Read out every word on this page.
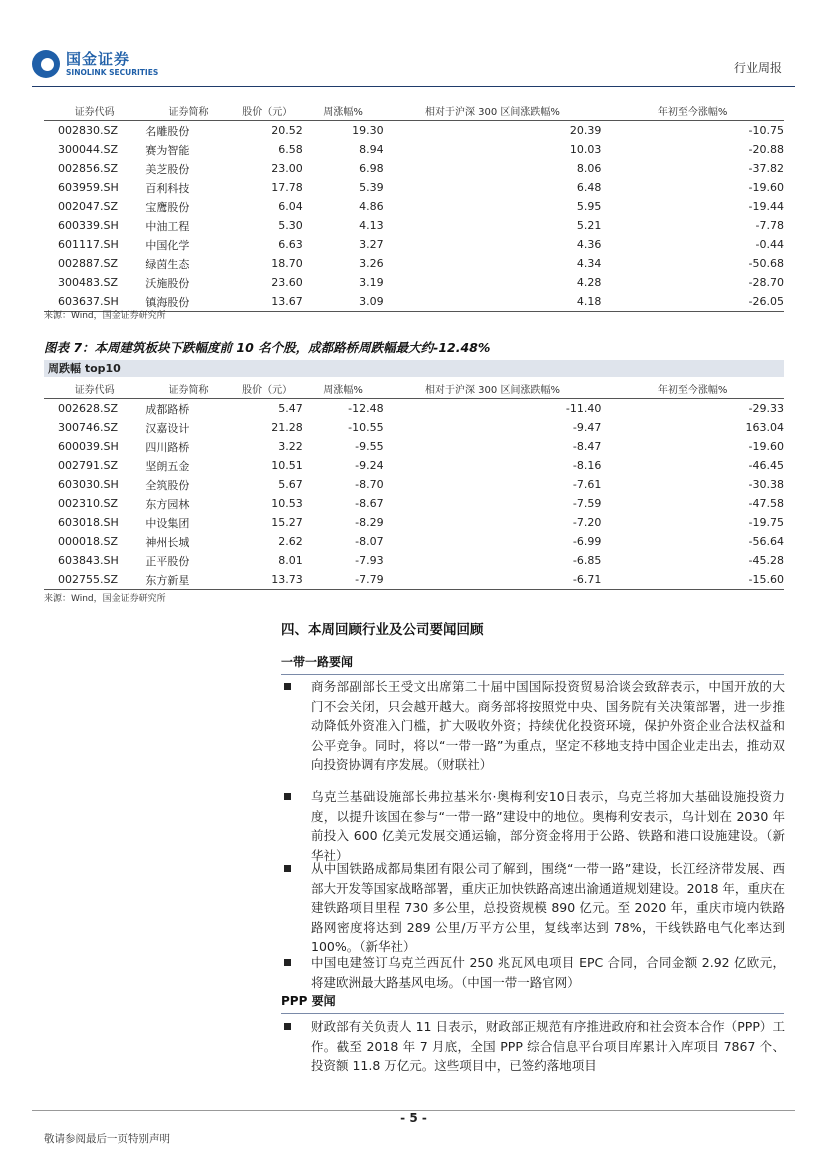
国金证券
SINOLINK SECURITIES	行业周报
证券代码	证券简称	股价（元）	周涨幅%	相对于沪深 300 区间涨跌幅%	年初至今涨幅%
002830.SZ	名雕股份	20.52	19.30	20.39	-10.75
300044.SZ	赛为智能	6.58	8.94	10.03	-20.88
002856.SZ	美芝股份	23.00	6.98	8.06	-37.82
603959.SH	百利科技	17.78	5.39	6.48	-19.60
002047.SZ	宝鹰股份	6.04	4.86	5.95	-19.44
600339.SH	中油工程	5.30	4.13	5.21	-7.78
601117.SH	中国化学	6.63	3.27	4.36	-0.44
002887.SZ	绿茵生态	18.70	3.26	4.34	-50.68
300483.SZ	沃施股份	23.60	3.19	4.28	-28.70
603637.SH	镇海股份	13.67	3.09	4.18	-26.05
来源：Wind，国金证券研究所
图表 7：本周建筑板块下跌幅度前 10 名个股，成都路桥周跌幅最大约-12.48%
周跌幅 top10
证券代码	证券简称	股价（元）	周涨幅%	相对于沪深 300 区间涨跌幅%	年初至今涨幅%
002628.SZ	成都路桥	5.47	-12.48	-11.40	-29.33
300746.SZ	汉嘉设计	21.28	-10.55	-9.47	163.04
600039.SH	四川路桥	3.22	-9.55	-8.47	-19.60
002791.SZ	坚朗五金	10.51	-9.24	-8.16	-46.45
603030.SH	全筑股份	5.67	-8.70	-7.61	-30.38
002310.SZ	东方园林	10.53	-8.67	-7.59	-47.58
603018.SH	中设集团	15.27	-8.29	-7.20	-19.75
000018.SZ	神州长城	2.62	-8.07	-6.99	-56.64
603843.SH	正平股份	8.01	-7.93	-6.85	-45.28
002755.SZ	东方新星	13.73	-7.79	-6.71	-15.60
来源：Wind，国金证券研究所
四、本周回顾行业及公司要闻回顾
一带一路要闻
商务部副部长王受文出席第二十届中国国际投资贸易洽谈会致辞表示，中国开放的大门不会关闭，只会越开越大。商务部将按照党中央、国务院有关决策部署，进一步推动降低外资准入门槛，扩大吸收外资；持续优化投资环境，保护外资企业合法权益和公平竞争。同时，将以“一带一路”为重点，坚定不移地支持中国企业走出去，推动双向投资协调有序发展。（财联社）
乌克兰基础设施部长弗拉基米尔·奥梅利安10日表示，乌克兰将加大基础设施投资力度，以提升该国在参与“一带一路”建设中的地位。奥梅利安表示，乌计划在 2030 年前投入 600 亿美元发展交通运输，部分资金将用于公路、铁路和港口设施建设。（新华社）
从中国铁路成都局集团有限公司了解到，围绕“一带一路”建设，长江经济带发展、西部大开发等国家战略部署，重庆正加快铁路高速出渝通道规划建设。2018 年，重庆在建铁路项目里程 730 多公里，总投资规模 890 亿元。至 2020 年，重庆市境内铁路路网密度将达到 289 公里/万平方公里，复线率达到 78%，干线铁路电气化率达到 100%。（新华社）
中国电建签订乌克兰西瓦什 250 兆瓦风电项目 EPC 合同，合同金额 2.92 亿欧元，将建欧洲最大路基风电场。（中国一带一路官网）
PPP 要闻
财政部有关负责人 11 日表示，财政部正规范有序推进政府和社会资本合作（PPP）工作。截至 2018 年 7 月底，全国 PPP 综合信息平台项目库累计入库项目 7867 个、投资额 11.8 万亿元。这些项目中，已签约落地项目
- 5 -
敬请参阅最后一页特别声明
